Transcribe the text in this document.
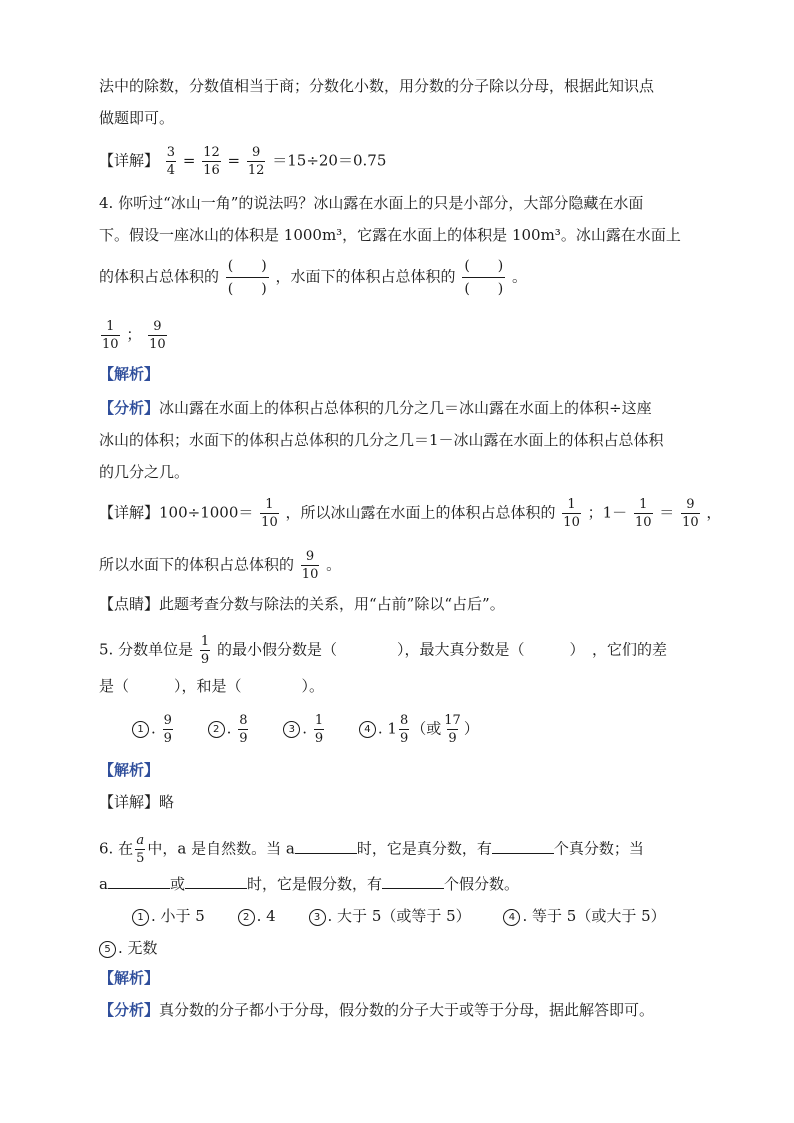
法中的除数，分数值相当于商；分数化小数，用分数的分子除以分母，根据此知识点
做题即可。
【详解】 $\frac{3}{4} = \frac{12}{16} = \frac{9}{12} =15\div 20=0.75$
4. 你听过“冰山一角”的说法吗？冰山露在水面上的只是小部分，大部分隐藏在水面
下。假设一座冰山的体积是 1000m³，它露在水面上的体积是 100m³。冰山露在水面上
的体积占总体积的 $\frac{( )}{( )}$ ，水面下的体积占总体积的 $\frac{( )}{( )}$ 。
$\frac{1}{10}$ ； $\frac{9}{10}$
【解析】
【分析】冰山露在水面上的体积占总体积的几分之几＝冰山露在水面上的体积÷这座
冰山的体积；水面下的体积占总体积的几分之几＝1－冰山露在水面上的体积占总体积
的几分之几。
【详解】$100\div 1000= \frac{1}{10}$ ，所以冰山露在水面上的体积占总体积的 $\frac{1}{10}$ ；$1- \frac{1}{10} = \frac{9}{10}$ ，
所以水面下的体积占总体积的 $\frac{9}{10}$ 。
【点睛】此题考查分数与除法的关系，用“占前”除以“占后”。
5. 分数单位是 $\frac{1}{9}$ 的最小假分数是（　　　　），最大真分数是（　　　）　，它们的差
是（　　　），和是（　　　　）。
1 . $\frac{9}{9}$	2 . $\frac{8}{9}$	3 . $\frac{1}{9}$	4 . $1 \frac{8}{9}$ （或 $\frac{17}{9}$ ）
【解析】
【详解】略
6. 在 $\frac{a}{5}$ 中，a 是自然数。当 a	时，它是真分数，有	个真分数；当
a	或	时，它是假分数，有	个假分数。
1 . 小于 5	2 . 4	3 . 大于 5（或等于 5）	4 . 等于 5（或大于 5）
5 . 无数
【解析】
【分析】真分数的分子都小于分母，假分数的分子大于或等于分母，据此解答即可。
